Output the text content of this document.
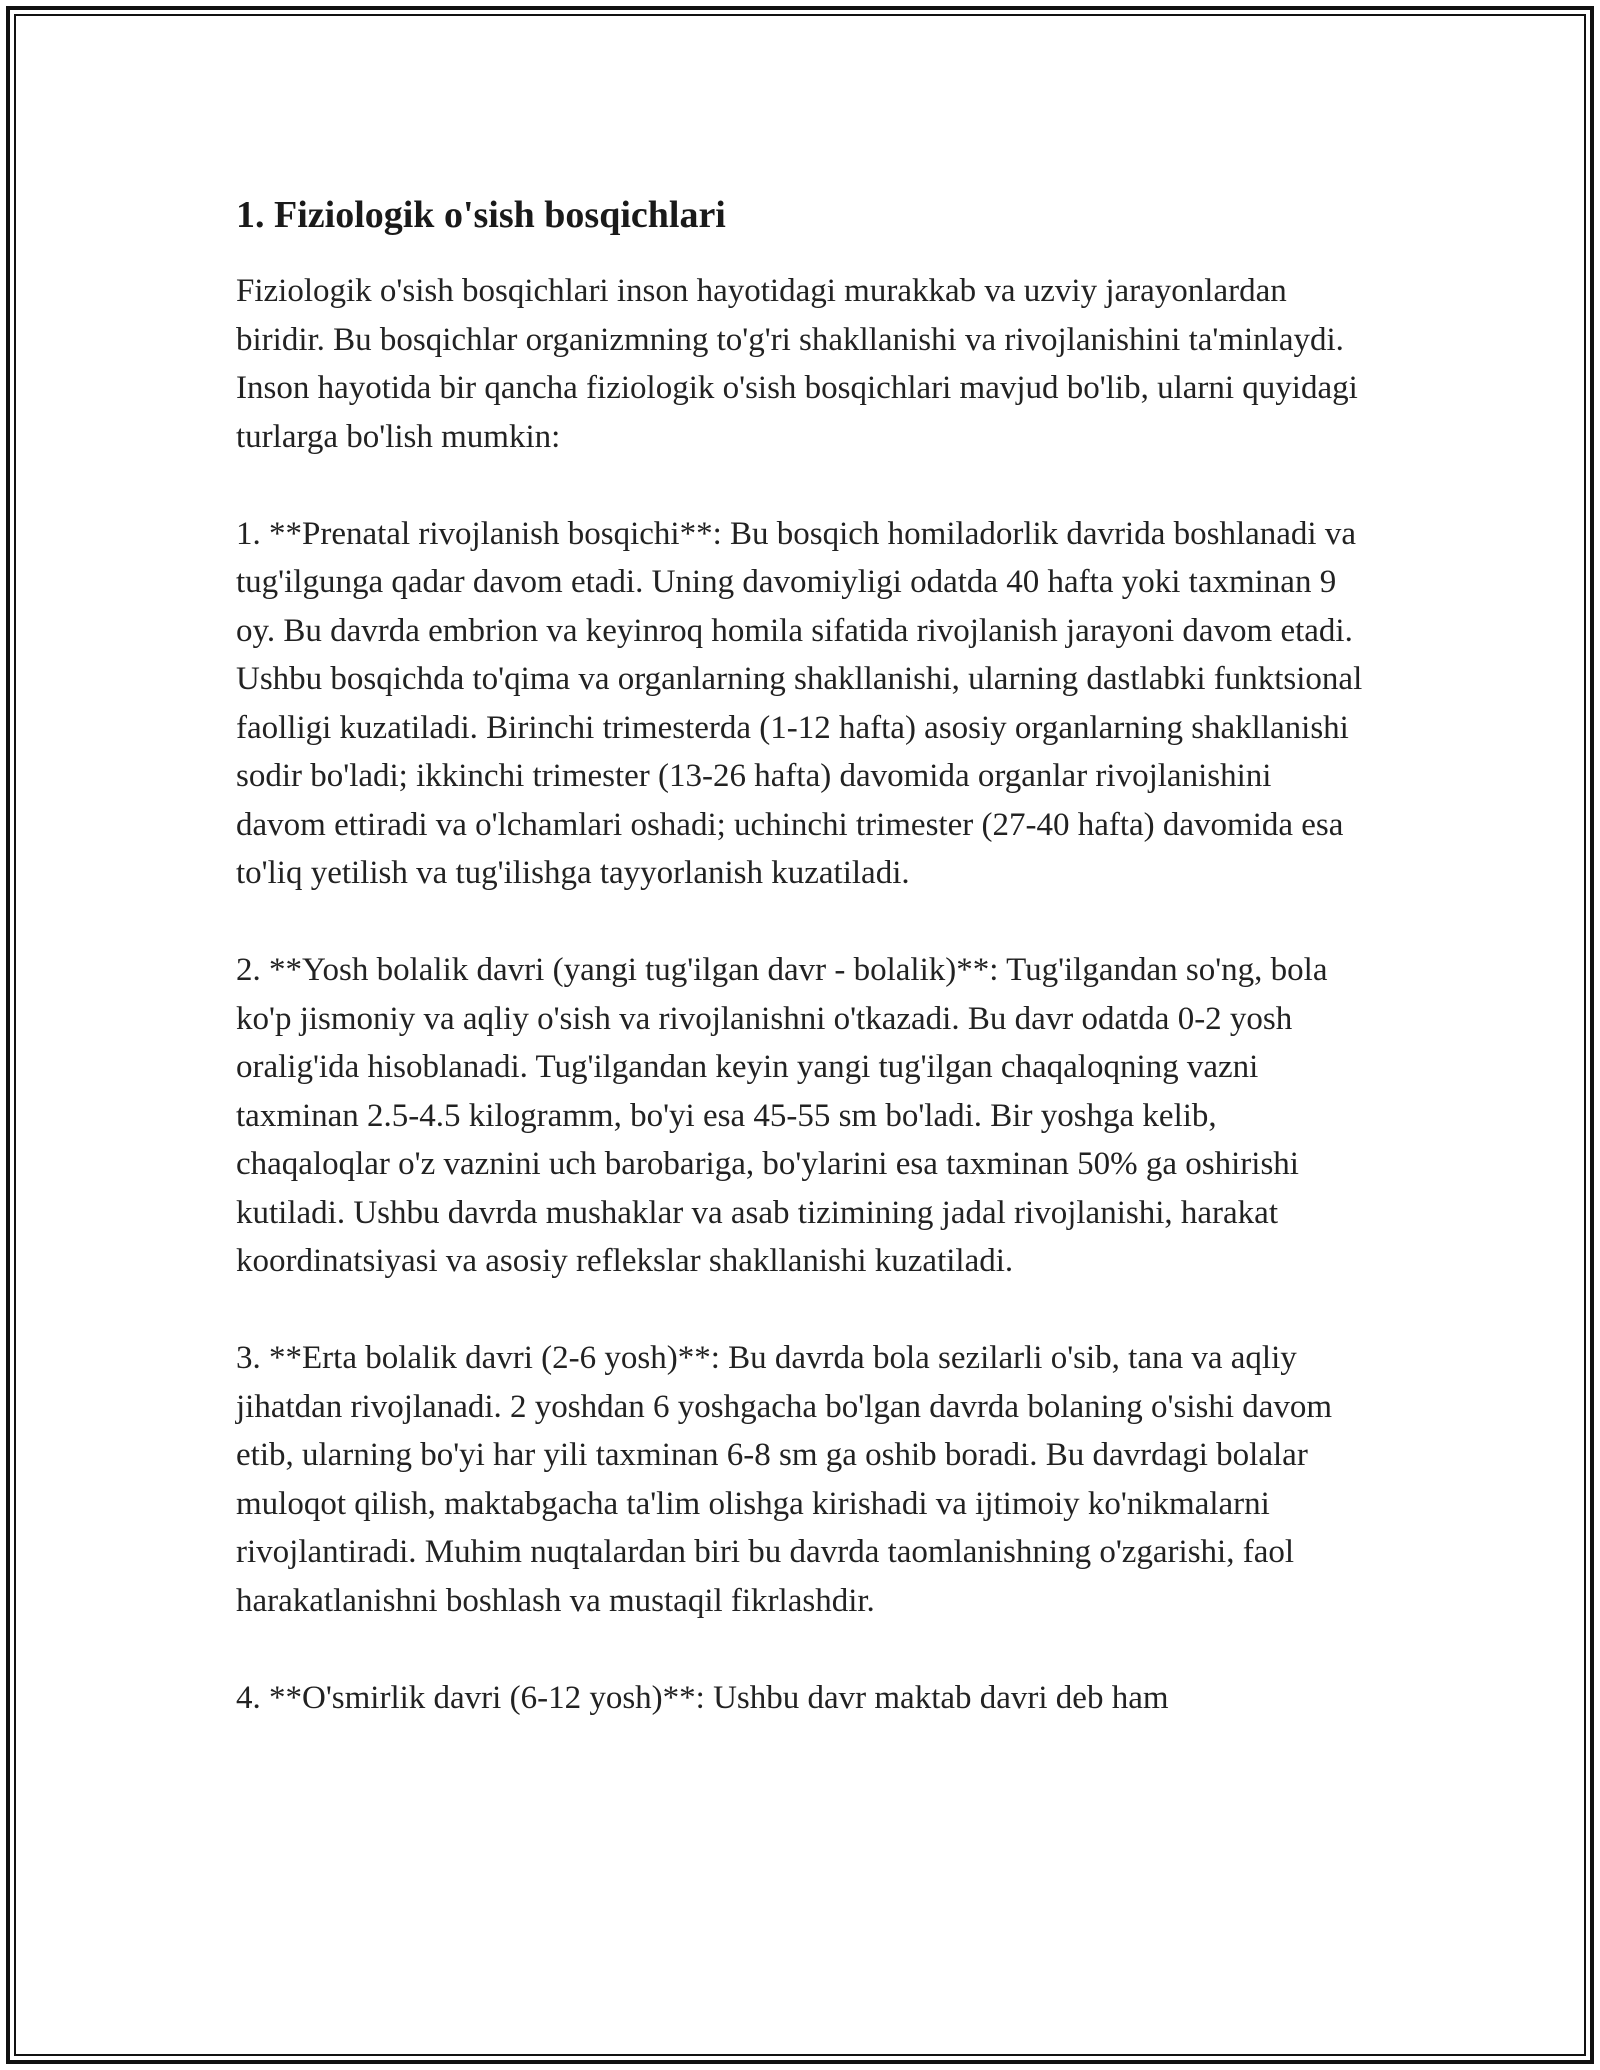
1. Fiziologik o'sish bosqichlari

Fiziologik o'sish bosqichlari inson hayotidagi murakkab va uzviy jarayonlardan biridir. Bu bosqichlar organizmning to'g'ri shakllanishi va rivojlanishini ta'minlaydi. Inson hayotida bir qancha fiziologik o'sish bosqichlari mavjud bo'lib, ularni quyidagi turlarga bo'lish mumkin:

1. **Prenatal rivojlanish bosqichi**: Bu bosqich homiladorlik davrida boshlanadi va tug'ilgunga qadar davom etadi. Uning davomiyligi odatda 40 hafta yoki taxminan 9 oy. Bu davrda embrion va keyinroq homila sifatida rivojlanish jarayoni davom etadi. Ushbu bosqichda to'qima va organlarning shakllanishi, ularning dastlabki funktsional faolligi kuzatiladi. Birinchi trimesterda (1-12 hafta) asosiy organlarning shakllanishi sodir bo'ladi; ikkinchi trimester (13-26 hafta) davomida organlar rivojlanishini davom ettiradi va o'lchamlari oshadi; uchinchi trimester (27-40 hafta) davomida esa to'liq yetilish va tug'ilishga tayyorlanish kuzatiladi.

2. **Yosh bolalik davri (yangi tug'ilgan davr - bolalik)**: Tug'ilgandan so'ng, bola ko'p jismoniy va aqliy o'sish va rivojlanishni o'tkazadi. Bu davr odatda 0-2 yosh oralig'ida hisoblanadi. Tug'ilgandan keyin yangi tug'ilgan chaqaloqning vazni taxminan 2.5-4.5 kilogramm, bo'yi esa 45-55 sm bo'ladi. Bir yoshga kelib, chaqaloqlar o'z vaznini uch barobariga, bo'ylarini esa taxminan 50% ga oshirishi kutiladi. Ushbu davrda mushaklar va asab tizimining jadal rivojlanishi, harakat koordinatsiyasi va asosiy reflekslar shakllanishi kuzatiladi.

3. **Erta bolalik davri (2-6 yosh)**: Bu davrda bola sezilarli o'sib, tana va aqliy jihatdan rivojlanadi. 2 yoshdan 6 yoshgacha bo'lgan davrda bolaning o'sishi davom etib, ularning bo'yi har yili taxminan 6-8 sm ga oshib boradi. Bu davrdagi bolalar muloqot qilish, maktabgacha ta'lim olishga kirishadi va ijtimoiy ko'nikmalarni rivojlantiradi. Muhim nuqtalardan biri bu davrda taomlanishning o'zgarishi, faol harakatlanishni boshlash va mustaqil fikrlashdir.

4. **O'smirlik davri (6-12 yosh)**: Ushbu davr maktab davri deb ham
